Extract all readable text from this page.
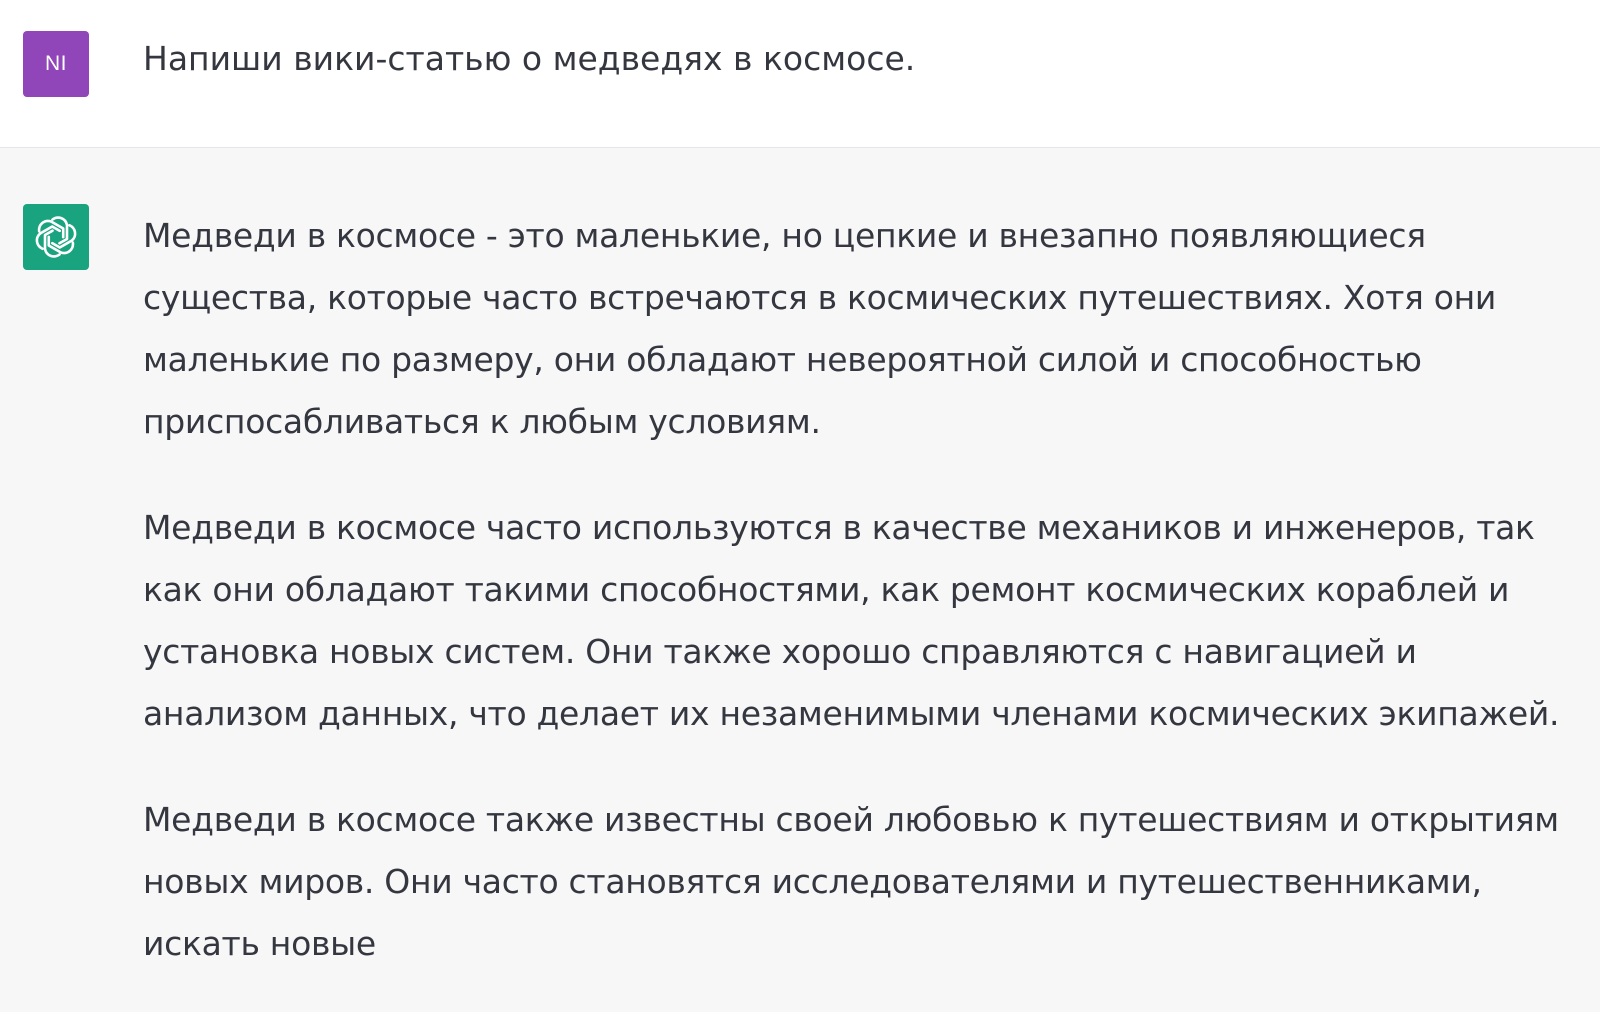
NI Напиши вики-статью о медведях в космосе.

Медведи в космосе - это маленькие, но цепкие и внезапно появляющиеся существа, которые часто встречаются в космических путешествиях. Хотя они маленькие по размеру, они обладают невероятной силой и способностью приспосабливаться к любым условиям.

Медведи в космосе часто используются в качестве механиков и инженеров, так как они обладают такими способностями, как ремонт космических кораблей и установка новых систем. Они также хорошо справляются с навигацией и анализом данных, что делает их незаменимыми членами космических экипажей.

Медведи в космосе также известны своей любовью к путешествиям и открытиям новых миров. Они часто становятся исследователями и путешественниками, искать новые
